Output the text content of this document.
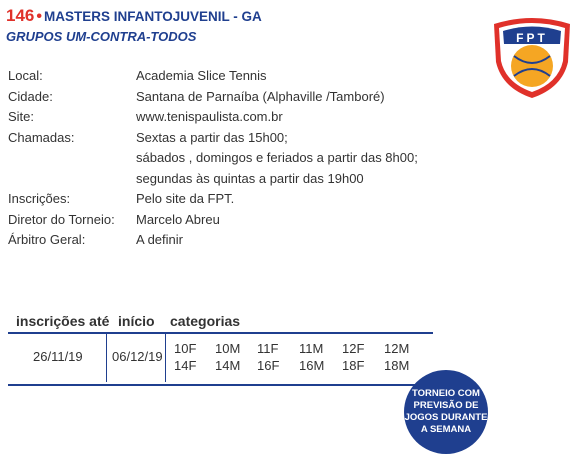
146 • MASTERS INFANTOJUVENIL - GA
GRUPOS UM-CONTRA-TODOS	FPT
Local:	Academia Slice Tennis
Cidade:	Santana de Parnaíba (Alphaville /Tamboré)
Site:	www.tenispaulista.com.br
Chamadas:	Sextas a partir das 15h00;
sábados , domingos e feriados a partir das 8h00;
segundas às quintas a partir das 19h00
Inscrições:	Pelo site da FPT.
Diretor do Torneio:	Marcelo Abreu
Árbitro Geral:	A definir
inscrições até início categorias
26/11/19 06/12/19
10F 10M 11F 11M 12F 12M
14F 14M 16F 16M 18F 18M
TORNEIO COM
PREVISÃO DE
JOGOS DURANTE
A SEMANA
